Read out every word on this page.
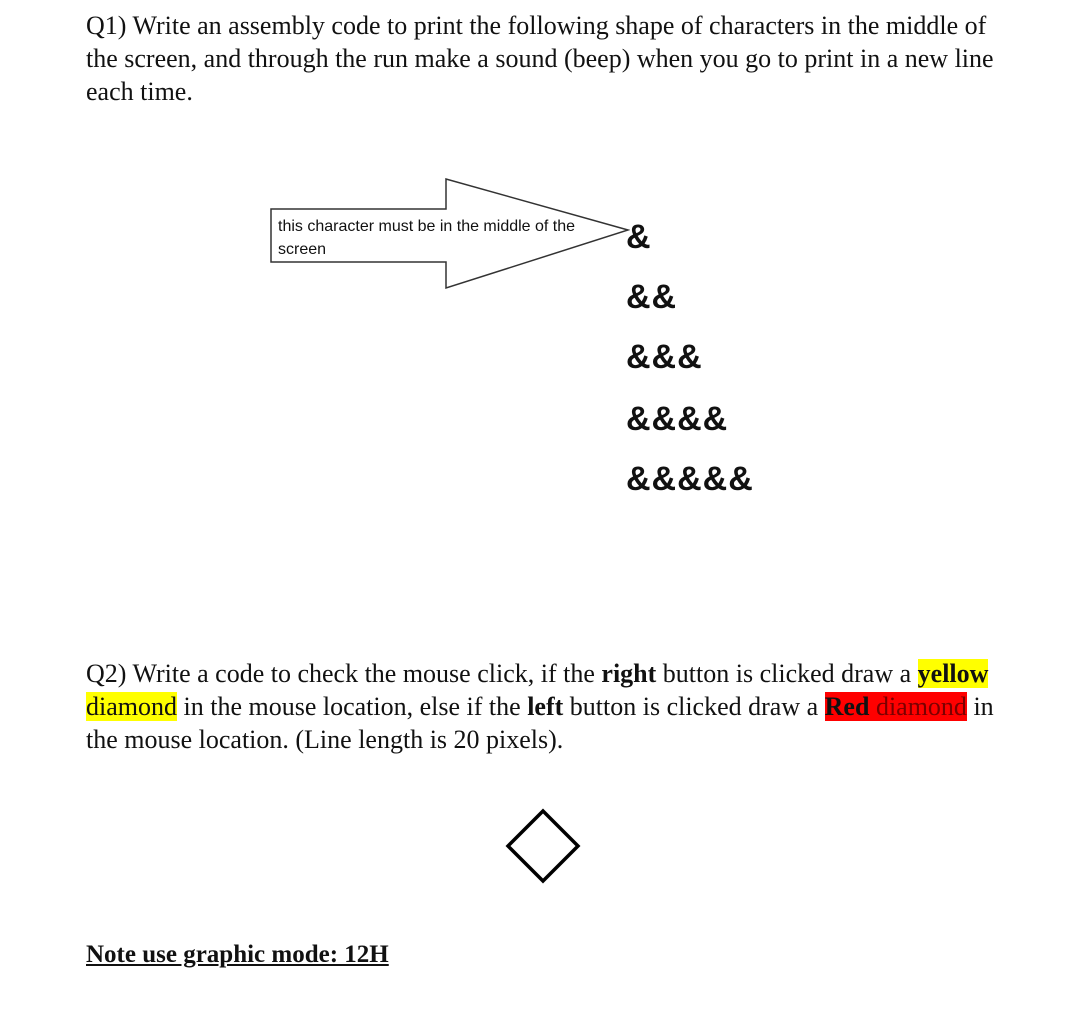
Q1) Write an assembly code to print the following shape of characters in the middle of the screen, and through the run make a sound (beep) when you go to print in a new line each time.

this character must be in the middle of the screen	&
&&
&&&
&&&&
&&&&&

Q2) Write a code to check the mouse click, if the right button is clicked draw a yellow diamond in the mouse location, else if the left button is clicked draw a Red diamond in the mouse location. (Line length is 20 pixels).

Note use graphic mode: 12H
